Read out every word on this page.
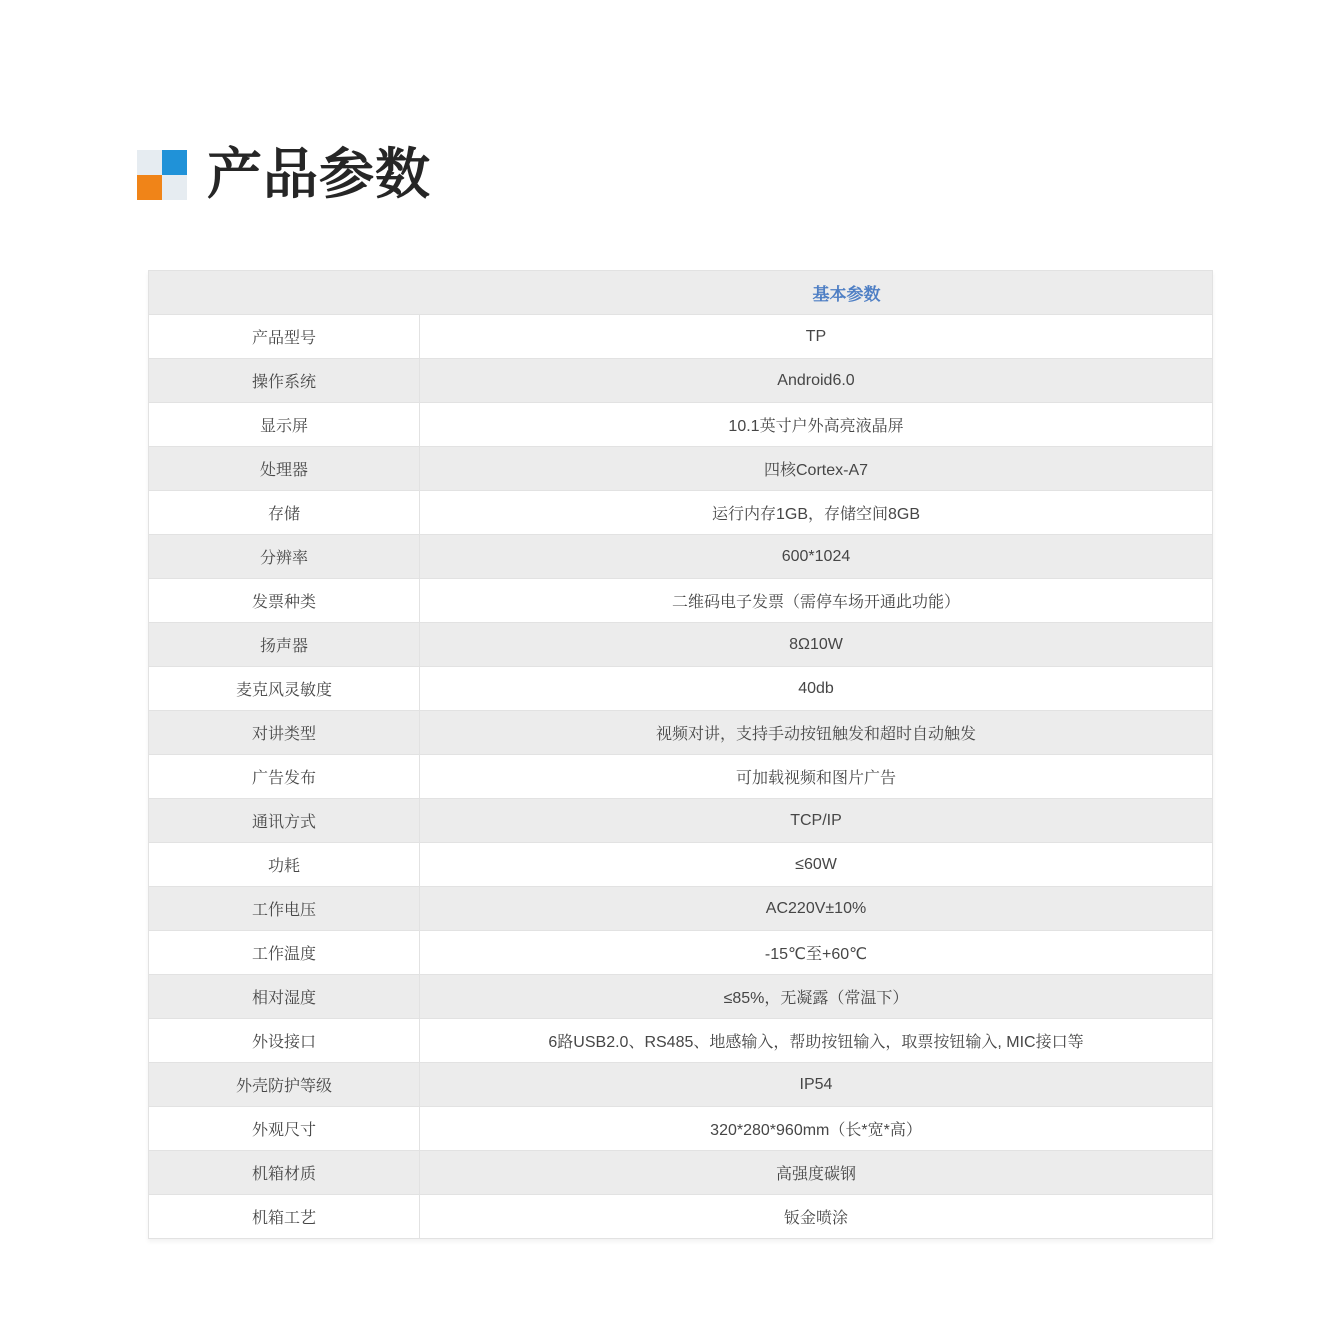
产品参数
基本参数	
产品型号	TP
操作系统	Android6.0
显示屏	10.1英寸户外高亮液晶屏
处理器	四核Cortex-A7
存储	运行内存1GB，存储空间8GB
分辨率	600*1024
发票种类	二维码电子发票（需停车场开通此功能）
扬声器	8Ω10W
麦克风灵敏度	40db
对讲类型	视频对讲，支持手动按钮触发和超时自动触发
广告发布	可加载视频和图片广告
通讯方式	TCP/IP
功耗	≤60W
工作电压	AC220V±10%
工作温度	-15℃至+60℃
相对湿度	≤85%，无凝露（常温下）
外设接口	6路USB2.0、RS485、地感输入，帮助按钮输入，取票按钮输入, MIC接口等
外壳防护等级	IP54
外观尺寸	320*280*960mm（长*宽*高）
机箱材质	高强度碳钢
机箱工艺	钣金喷涂
